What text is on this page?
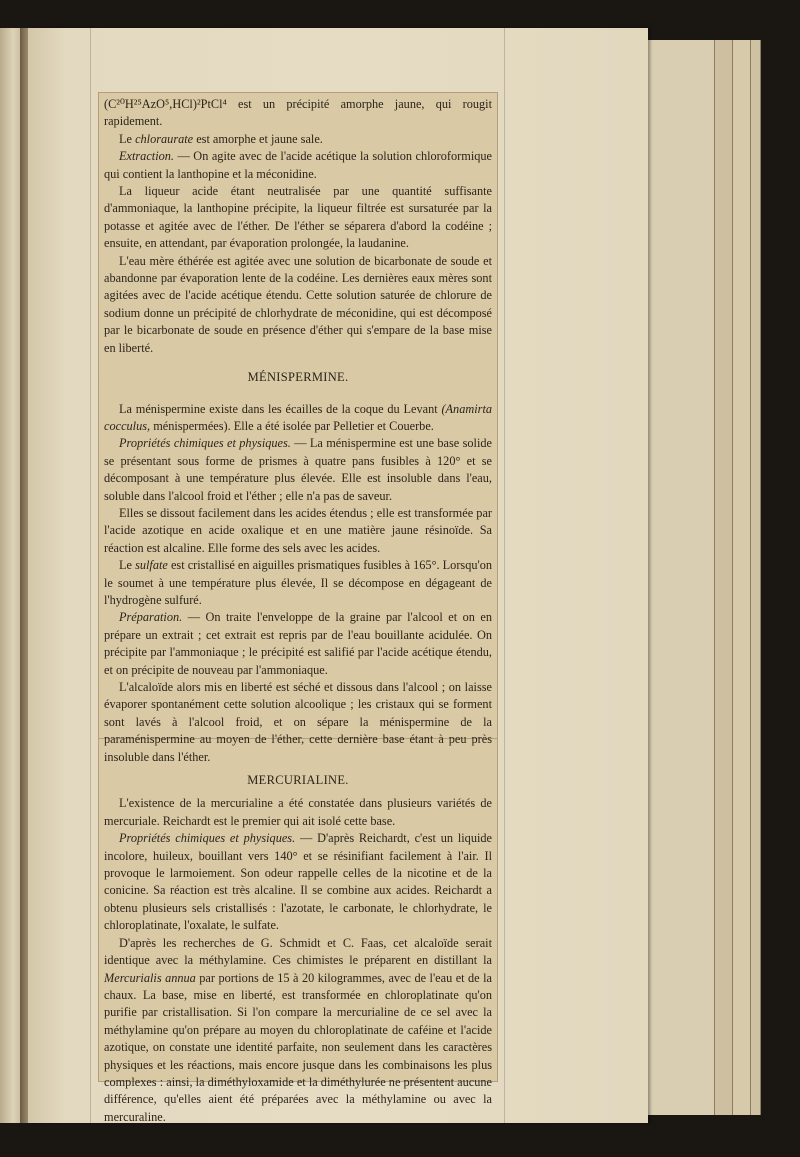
(C²⁰H²⁵AzO⁵,HCl)²PtCl⁴ est un précipité amorphe jaune, qui rougit rapidement.

Le chloraurate est amorphe et jaune sale.

Extraction. — On agite avec de l'acide acétique la solution chloroformique qui contient la lanthopine et la méconidine.

La liqueur acide étant neutralisée par une quantité suffisante d'ammoniaque, la lanthopine précipite, la liqueur filtrée est sursaturée par la potasse et agitée avec de l'éther. De l'éther se séparera d'abord la codéine ; ensuite, en attendant, par évaporation prolongée, la laudanine.

L'eau mère éthérée est agitée avec une solution de bicarbonate de soude et abandonne par évaporation lente de la codéine. Les dernières eaux mères sont agitées avec de l'acide acétique étendu. Cette solution saturée de chlorure de sodium donne un précipité de chlorhydrate de méconidine, qui est décomposé par le bicarbonate de soude en présence d'éther qui s'empare de la base mise en liberté.

MÉNISPERMINE.

La ménispermine existe dans les écailles de la coque du Levant (Anamirta cocculus, ménispermées). Elle a été isolée par Pelletier et Couerbe.

Propriétés chimiques et physiques. — La ménispermine est une base solide se présentant sous forme de prismes à quatre pans fusibles à 120° et se décomposant à une température plus élevée. Elle est insoluble dans l'eau, soluble dans l'alcool froid et l'éther ; elle n'a pas de saveur.

Elles se dissout facilement dans les acides étendus ; elle est transformée par l'acide azotique en acide oxalique et en une matière jaune résinoïde. Sa réaction est alcaline. Elle forme des sels avec les acides.

Le sulfate est cristallisé en aiguilles prismatiques fusibles à 165°. Lorsqu'on le soumet à une température plus élevée, Il se décompose en dégageant de l'hydrogène sulfuré.

Préparation. — On traite l'enveloppe de la graine par l'alcool et on en prépare un extrait ; cet extrait est repris par de l'eau bouillante acidulée. On précipite par l'ammoniaque ; le précipité est salifié par l'acide acétique étendu, et on précipite de nouveau par l'ammoniaque.

L'alcaloïde alors mis en liberté est séché et dissous dans l'alcool ; on laisse évaporer spontanément cette solution alcoolique ; les cristaux qui se forment sont lavés à l'alcool froid, et on sépare la ménispermine de la paraménispermine au moyen de l'éther, cette dernière base étant à peu près insoluble dans l'éther.

MERCURIALINE.

L'existence de la mercurialine a été constatée dans plusieurs variétés de mercuriale. Reichardt est le premier qui ait isolé cette base.

Propriétés chimiques et physiques. — D'après Reichardt, c'est un liquide incolore, huileux, bouillant vers 140° et se résinifiant facilement à l'air. Il provoque le larmoiement. Son odeur rappelle celles de la nicotine et de la conicine. Sa réaction est très alcaline. Il se combine aux acides. Reichardt a obtenu plusieurs sels cristallisés : l'azotate, le carbonate, le chlorhydrate, le chloroplatinate, l'oxalate, le sulfate.

D'après les recherches de G. Schmidt et C. Faas, cet alcaloïde serait identique avec la méthylamine. Ces chimistes le préparent en distillant la Mercurialis annua par portions de 15 à 20 kilogrammes, avec de l'eau et de la chaux. La base, mise en liberté, est transformée en chloroplatinate qu'on purifie par cristallisation. Si l'on compare la mercurialine de ce sel avec la méthylamine qu'on prépare au moyen du chloroplatinate de caféine et l'acide azotique, on constate une identité parfaite, non seulement dans les caractères physiques et les réactions, mais encore jusque dans les combinaisons les plus complexes : ainsi, la diméthyloxamide et la diméthylurée ne présentent aucune différence, qu'elles aient été préparées avec la méthylamine ou avec la mercuraline.
